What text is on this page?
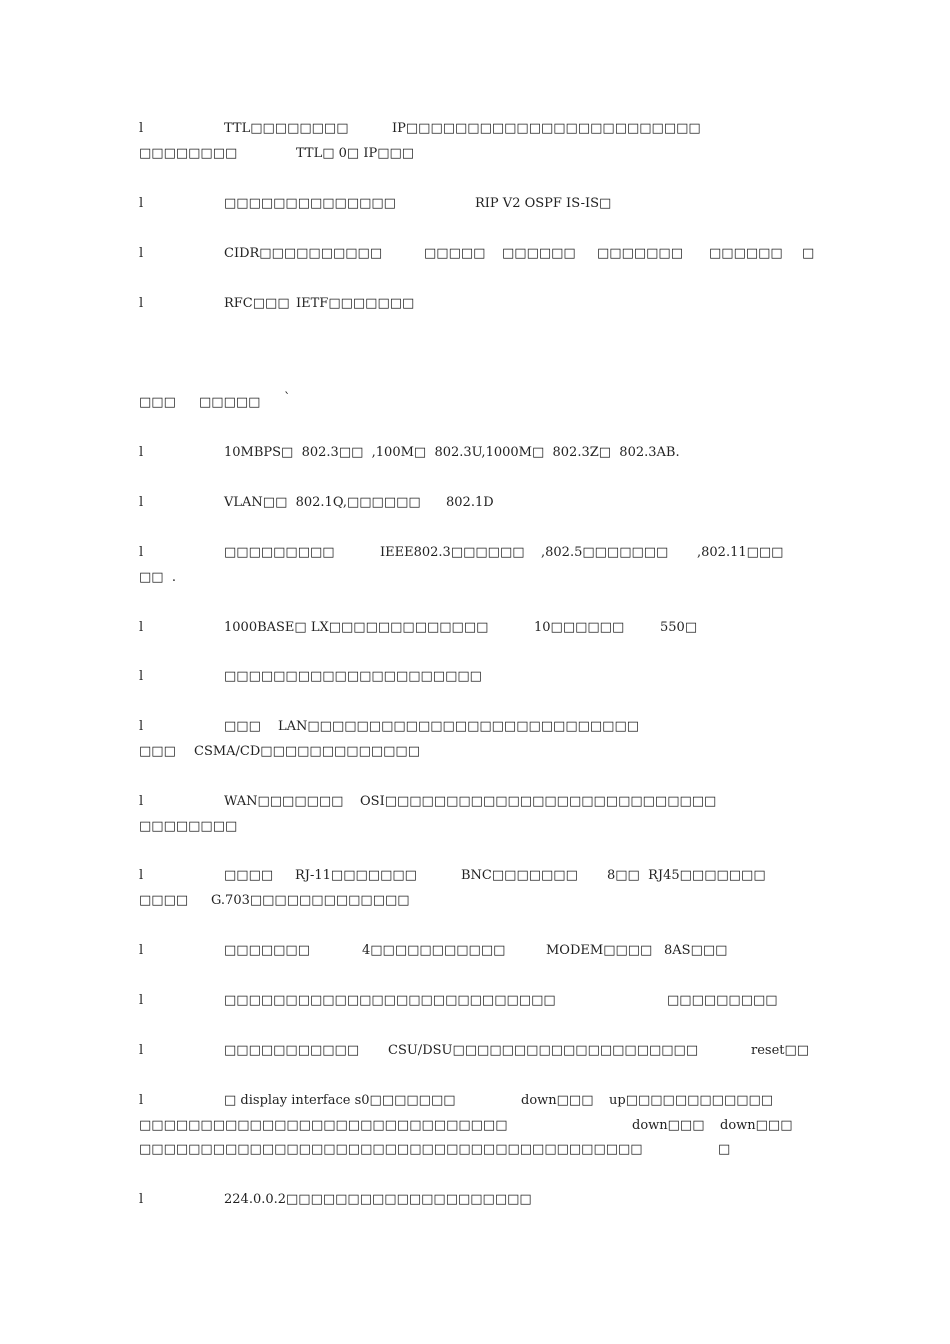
l	TTL□□□□□□□□	IP□□□□□□□□□□□□□□□□□□□□□□□□
□□□□□□□□	TTL□ 0□ IP□□□
l	□□□□□□□□□□□□□□	RIP V2 OSPF IS-IS□
l	CIDR□□□□□□□□□□	□□□□□ □□□□□□ □□□□□□□ □□□□□□ □
l	RFC□□□ IETF□□□□□□□
□□□ □□□□□ `
l	10MBPS□  802.3□□  ,100M□  802.3U,1000M□  802.3Z□  802.3AB.
l	VLAN□□  802.1Q,□□□□□□ 802.1D
l	□□□□□□□□□	IEEE802.3□□□□□□ ,802.5□□□□□□□ ,802.11□□□
□□  .
l	1000BASE□ LX□□□□□□□□□□□□□	10□□□□□□	550□
l	□□□□□□□□□□□□□□□□□□□□□
l	□□□ LAN□□□□□□□□□□□□□□□□□□□□□□□□□□□
□□□ CSMA/CD□□□□□□□□□□□□□
l	WAN□□□□□□□ OSI□□□□□□□□□□□□□□□□□□□□□□□□□□□
□□□□□□□□
l	□□□□ RJ-11□□□□□□□	BNC□□□□□□□ 8□□  RJ45□□□□□□□
□□□□ G.703□□□□□□□□□□□□□
l	□□□□□□□	4□□□□□□□□□□□	MODEM□□□□ 8AS□□□
l	□□□□□□□□□□□□□□□□□□□□□□□□□□□	□□□□□□□□□
l	□□□□□□□□□□□ CSU/DSU□□□□□□□□□□□□□□□□□□□□	reset□□
l	□ display interface s0□□□□□□□	down□□□ up□□□□□□□□□□□□
□□□□□□□□□□□□□□□□□□□□□□□□□□□□□□	down□□□ down□□□
□□□□□□□□□□□□□□□□□□□□□□□□□□□□□□□□□□□□□□□□□	□
l	224.0.0.2□□□□□□□□□□□□□□□□□□□□
